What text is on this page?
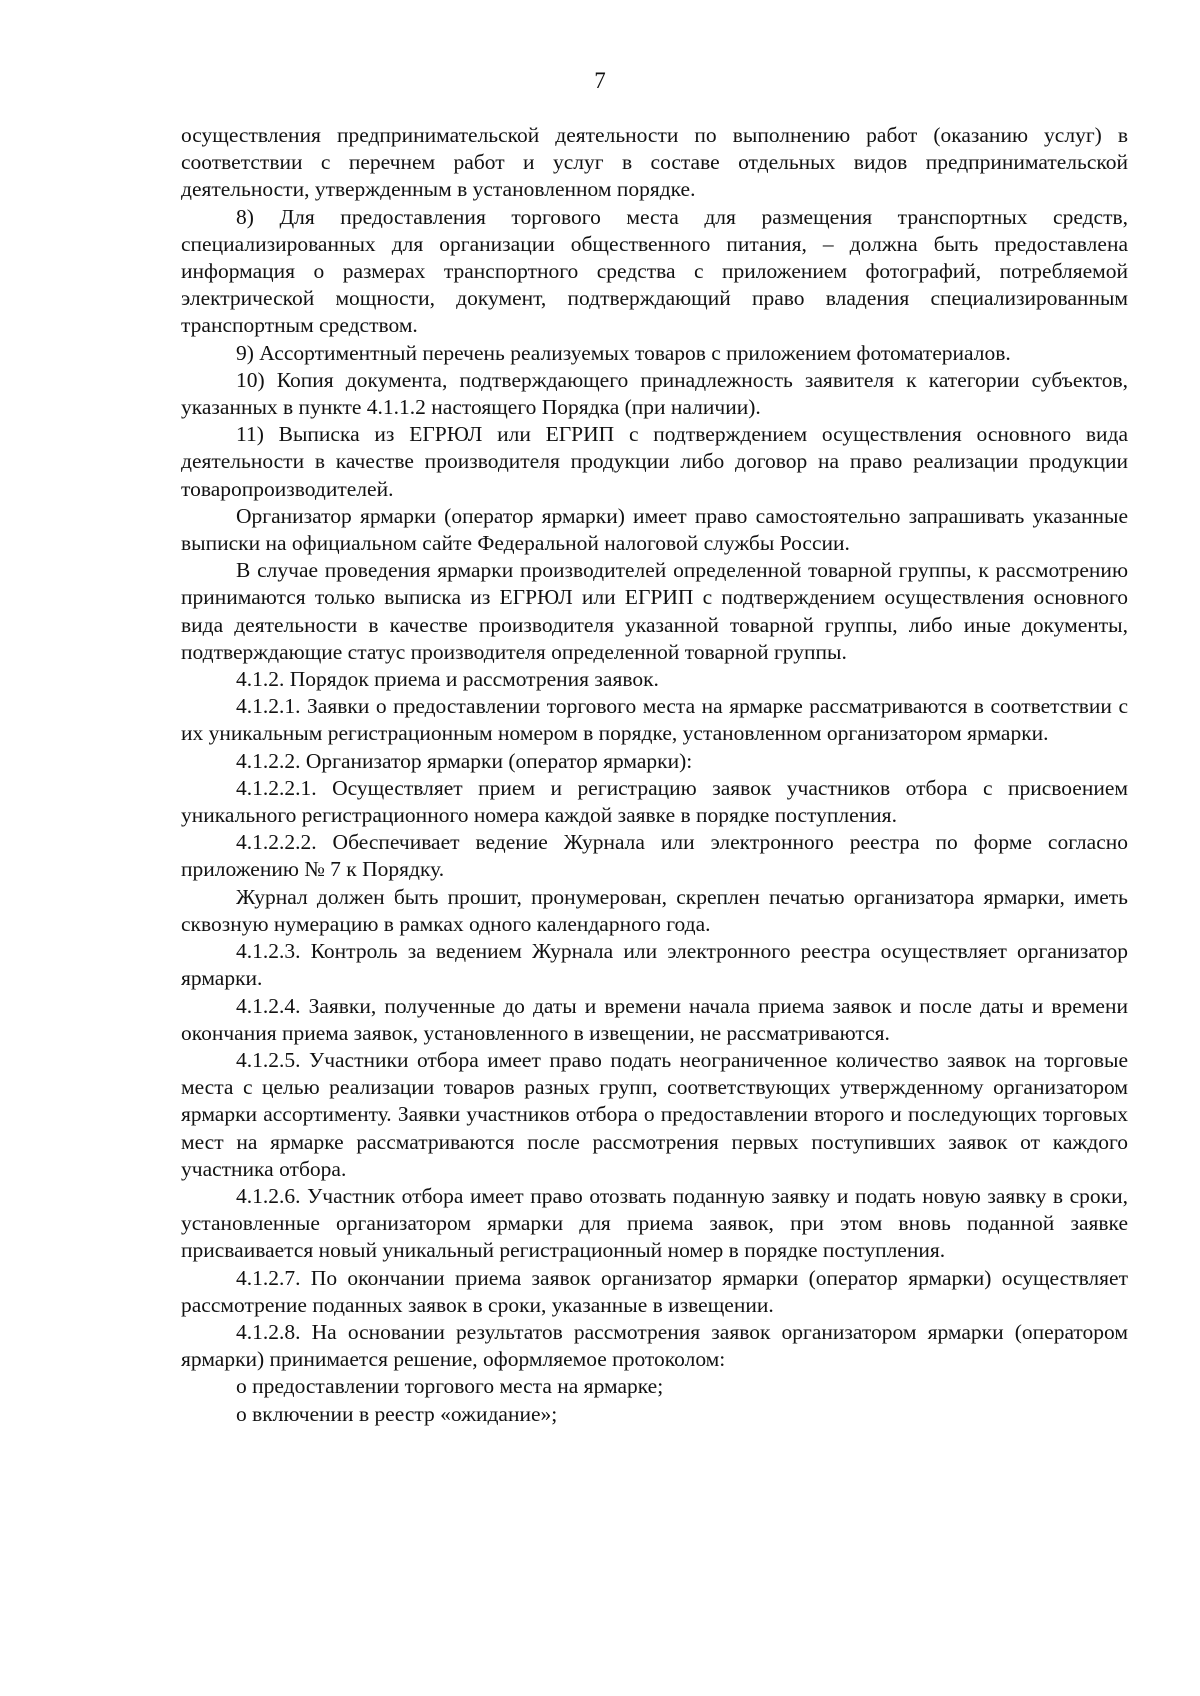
7

осуществления предпринимательской деятельности по выполнению работ (оказанию услуг) в соответствии с перечнем работ и услуг в составе отдельных видов предпринимательской деятельности, утвержденным в установленном порядке.

8) Для предоставления торгового места для размещения транспортных средств, специализированных для организации общественного питания, – должна быть предоставлена информация о размерах транспортного средства с приложением фотографий, потребляемой электрической мощности, документ, подтверждающий право владения специализированным транспортным средством.

9) Ассортиментный перечень реализуемых товаров с приложением фотоматериалов.

10) Копия документа, подтверждающего принадлежность заявителя к категории субъектов, указанных в пункте 4.1.1.2 настоящего Порядка (при наличии).

11) Выписка из ЕГРЮЛ или ЕГРИП с подтверждением осуществления основного вида деятельности в качестве производителя продукции либо договор на право реализации продукции товаропроизводителей.

Организатор ярмарки (оператор ярмарки) имеет право самостоятельно запрашивать указанные выписки на официальном сайте Федеральной налоговой службы России.

В случае проведения ярмарки производителей определенной товарной группы, к рассмотрению принимаются только выписка из ЕГРЮЛ или ЕГРИП с подтверждением осуществления основного вида деятельности в качестве производителя указанной товарной группы, либо иные документы, подтверждающие статус производителя определенной товарной группы.

4.1.2. Порядок приема и рассмотрения заявок.

4.1.2.1. Заявки о предоставлении торгового места на ярмарке рассматриваются в соответствии с их уникальным регистрационным номером в порядке, установленном организатором ярмарки.

4.1.2.2. Организатор ярмарки (оператор ярмарки):

4.1.2.2.1. Осуществляет прием и регистрацию заявок участников отбора с присвоением уникального регистрационного номера каждой заявке в порядке поступления.

4.1.2.2.2. Обеспечивает ведение Журнала или электронного реестра по форме согласно приложению № 7 к Порядку.

Журнал должен быть прошит, пронумерован, скреплен печатью организатора ярмарки, иметь сквозную нумерацию в рамках одного календарного года.

4.1.2.3. Контроль за ведением Журнала или электронного реестра осуществляет организатор ярмарки.

4.1.2.4. Заявки, полученные до даты и времени начала приема заявок и после даты и времени окончания приема заявок, установленного в извещении, не рассматриваются.

4.1.2.5. Участники отбора имеет право подать неограниченное количество заявок на торговые места с целью реализации товаров разных групп, соответствующих утвержденному организатором ярмарки ассортименту. Заявки участников отбора о предоставлении второго и последующих торговых мест на ярмарке рассматриваются после рассмотрения первых поступивших заявок от каждого участника отбора.

4.1.2.6. Участник отбора имеет право отозвать поданную заявку и подать новую заявку в сроки, установленные организатором ярмарки для приема заявок, при этом вновь поданной заявке присваивается новый уникальный регистрационный номер в порядке поступления.

4.1.2.7. По окончании приема заявок организатор ярмарки (оператор ярмарки) осуществляет рассмотрение поданных заявок в сроки, указанные в извещении.

4.1.2.8. На основании результатов рассмотрения заявок организатором ярмарки (оператором ярмарки) принимается решение, оформляемое протоколом:

о предоставлении торгового места на ярмарке;

о включении в реестр «ожидание»;
